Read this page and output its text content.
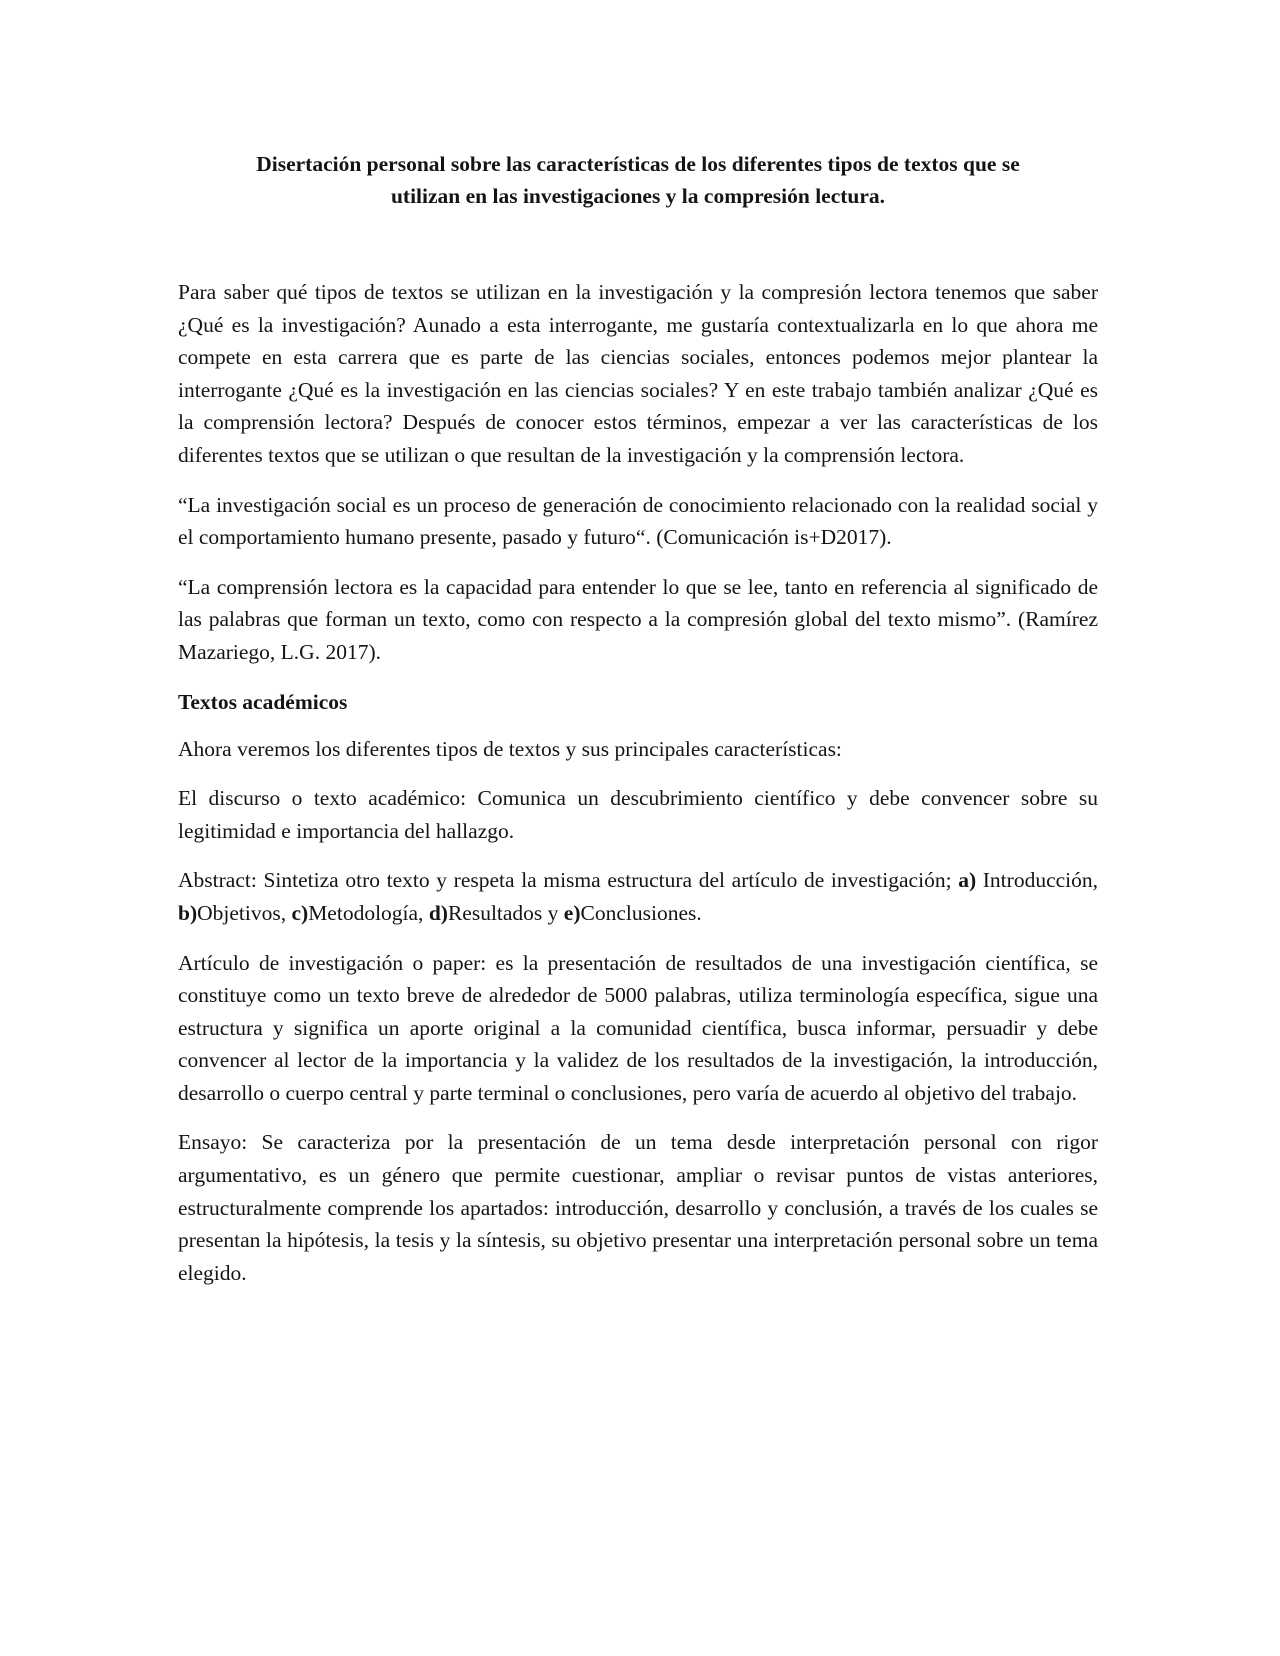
Disertación personal sobre las características de los diferentes tipos de textos que se
utilizan en las investigaciones y la compresión lectura.

Para saber qué tipos de textos se utilizan en la investigación y la compresión lectora tenemos que saber ¿Qué es la investigación? Aunado a esta interrogante, me gustaría contextualizarla en lo que ahora me compete en esta carrera que es parte de las ciencias sociales, entonces podemos mejor plantear la interrogante ¿Qué es la investigación en las ciencias sociales? Y en este trabajo también analizar ¿Qué es la comprensión lectora? Después de conocer estos términos, empezar a ver las características de los diferentes textos que se utilizan o que resultan de la investigación y la comprensión lectora.

“La investigación social es un proceso de generación de conocimiento relacionado con la realidad social y el comportamiento humano presente, pasado y futuro“. (Comunicación is+D2017).

“La comprensión lectora es la capacidad para entender lo que se lee, tanto en referencia al significado de las palabras que forman un texto, como con respecto a la compresión global del texto mismo”. (Ramírez Mazariego, L.G. 2017).

Textos académicos

Ahora veremos los diferentes tipos de textos y sus principales características:

El discurso o texto académico: Comunica un descubrimiento científico y debe convencer sobre su legitimidad e importancia del hallazgo.

Abstract: Sintetiza otro texto y respeta la misma estructura del artículo de investigación; a) Introducción, b)Objetivos, c)Metodología, d)Resultados y e)Conclusiones.

Artículo de investigación o paper: es la presentación de resultados de una investigación científica, se constituye como un texto breve de alrededor de 5000 palabras, utiliza terminología específica, sigue una estructura y significa un aporte original a la comunidad científica, busca informar, persuadir y debe convencer al lector de la importancia y la validez de los resultados de la investigación, la introducción, desarrollo o cuerpo central y parte terminal o conclusiones, pero varía de acuerdo al objetivo del trabajo.

Ensayo: Se caracteriza por la presentación de un tema desde interpretación personal con rigor argumentativo, es un género que permite cuestionar, ampliar o revisar puntos de vistas anteriores, estructuralmente comprende los apartados: introducción, desarrollo y conclusión, a través de los cuales se presentan la hipótesis, la tesis y la síntesis, su objetivo presentar una interpretación personal sobre un tema elegido.
